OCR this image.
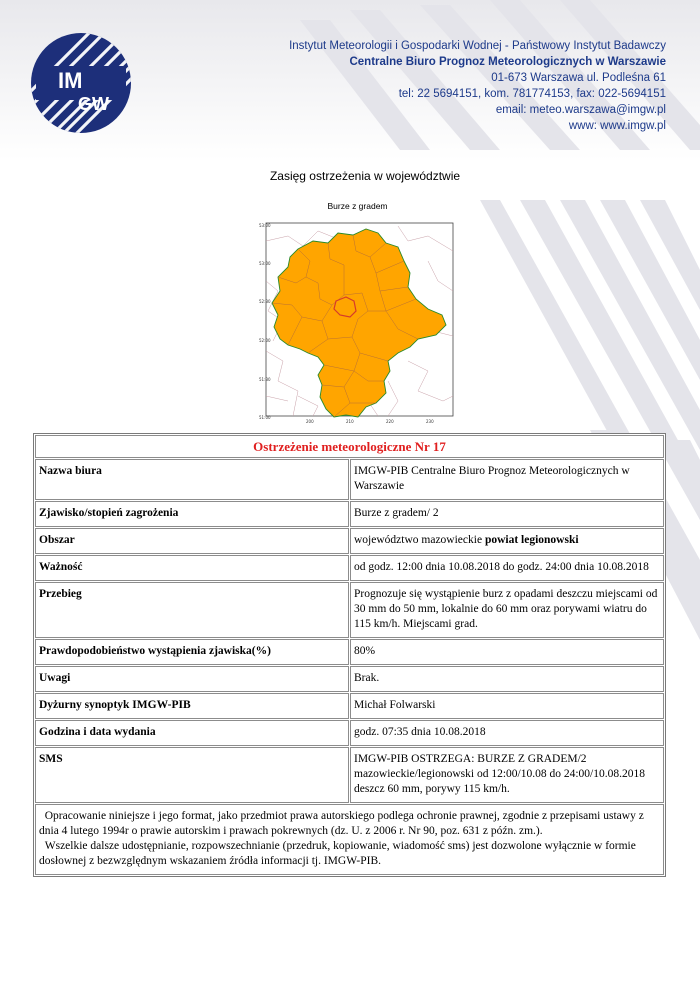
IM
GW
Instytut Meteorologii i Gospodarki Wodnej - Państwowy Instytut Badawczy
Centralne Biuro Prognoz Meteorologicznych w Warszawie
01-673 Warszawa ul. Podleśna 61
tel: 22 5694151, kom. 781774153, fax: 022-5694151
email: meteo.warszawa@imgw.pl
www: www.imgw.pl
Zasięg ostrzeżenia w województwie
Burze z gradem
53:00
53:00
52:30
52:00
51:30
51:00
200	210	220	230
Ostrzeżenie meteorologiczne Nr 17	
Nazwa biura	IMGW-PIB Centralne Biuro Prognoz Meteorologicznych w Warszawie
Zjawisko/stopień zagrożenia	Burze z gradem/ 2
Obszar	województwo mazowieckie powiat legionowski
Ważność	od godz. 12:00 dnia 10.08.2018 do godz. 24:00 dnia 10.08.2018
Przebieg	Prognozuje się wystąpienie burz z opadami deszczu miejscami od 30 mm do 50 mm, lokalnie do 60 mm oraz porywami wiatru do 115 km/h. Miejscami grad.
Prawdopodobieństwo wystąpienia zjawiska(%)	80%
Uwagi	Brak.
Dyżurny synoptyk IMGW-PIB	Michał Folwarski
Godzina i data wydania	godz. 07:35 dnia 10.08.2018
SMS	IMGW-PIB OSTRZEGA: BURZE Z GRADEM/2 mazowieckie/legionowski od 12:00/10.08 do 24:00/10.08.2018 deszcz 60 mm, porywy 115 km/h.

Opracowanie niniejsze i jego format, jako przedmiot prawa autorskiego podlega ochronie prawnej, zgodnie z przepisami ustawy z dnia 4 lutego 1994r o prawie autorskim i prawach pokrewnych (dz. U. z 2006 r. Nr 90, poz. 631 z późn. zm.).
Wszelkie dalsze udostępnianie, rozpowszechnianie (przedruk, kopiowanie, wiadomość sms) jest dozwolone wyłącznie w formie dosłownej z bezwzględnym wskazaniem źródła informacji tj. IMGW-PIB.	
